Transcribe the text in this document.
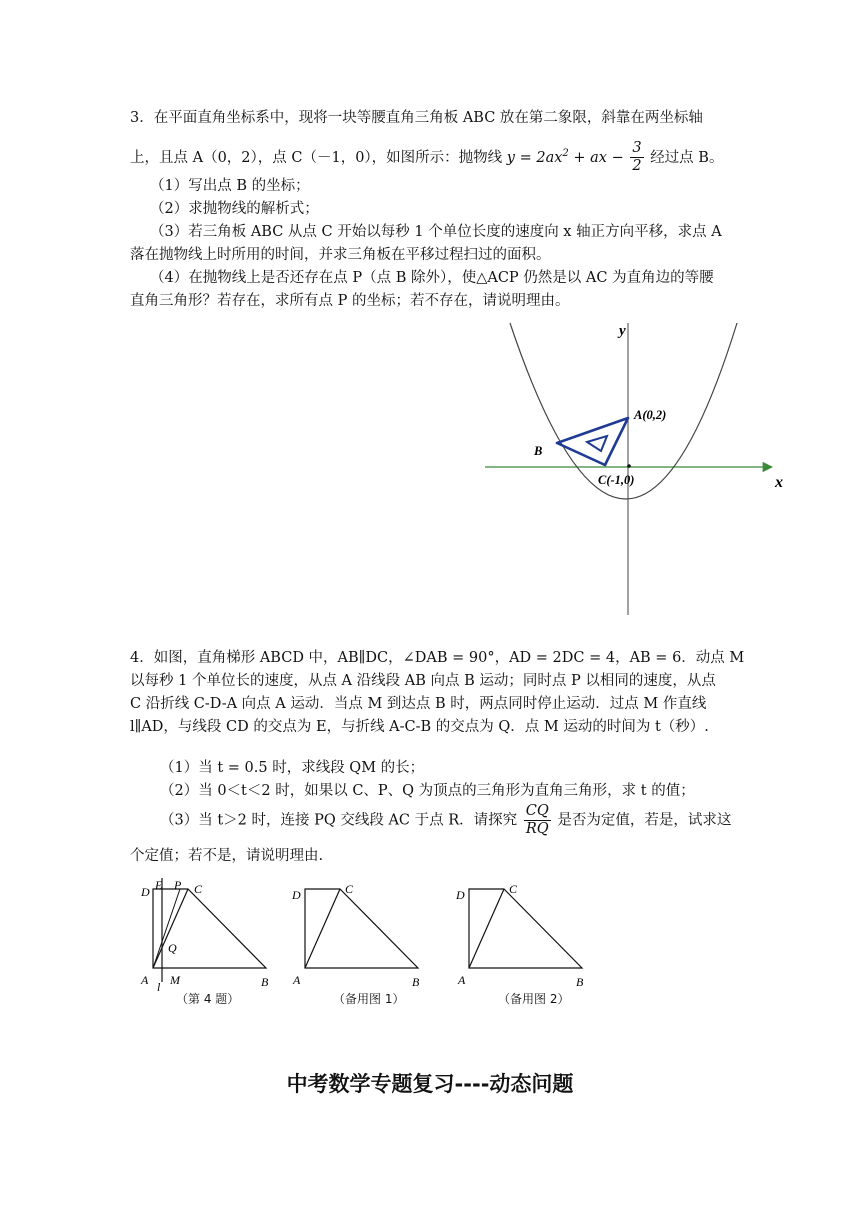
3．在平面直角坐标系中，现将一块等腰直角三角板 ABC 放在第二象限，斜靠在两坐标轴
上，且点 A（0，2），点 C（－1，0），如图所示：抛物线 $y = 2ax^2$ + ax − $\frac{3}{2}$ 经过点 B。
（1）写出点 B 的坐标；
（2）求抛物线的解析式；
（3）若三角板 ABC 从点 C 开始以每秒 1 个单位长度的速度向 x 轴正方向平移，求点 A
落在抛物线上时所用的时间，并求三角板在平移过程扫过的面积。
（4）在抛物线上是否还存在点 P（点 B 除外），使△ACP 仍然是以 AC 为直角边的等腰
直角三角形？若存在，求所有点 P 的坐标；若不存在，请说明理由。
y
x
A(0,2)
B
C(-1,0)
4．如图，直角梯形 ABCD 中，AB∥DC，∠DAB = 90°，AD = 2DC = 4，AB = 6．动点 M
以每秒 1 个单位长的速度，从点 A 沿线段 AB 向点 B 运动；同时点 P 以相同的速度，从点
C 沿折线 C-D-A 向点 A 运动．当点 M 到达点 B 时，两点同时停止运动．过点 M 作直线
l∥AD，与线段 CD 的交点为 E，与折线 A-C-B 的交点为 Q．点 M 运动的时间为 t（秒）.
（1）当 t = 0.5 时，求线段 QM 的长；
（2）当 0＜t＜2 时，如果以 C、P、Q 为顶点的三角形为直角三角形，求 t 的值；
（3）当 t＞2 时，连接 PQ 交线段 AC 于点 R．请探究 $\frac{CQ}{RQ}$ 是否为定值，若是，试求这
个定值；若不是，请说明理由.
D E P C
Q
A l M	B
（第 4 题）
D	C
A	B
（备用图 1）
D	C
A	B
（备用图 2）
中考数学专题复习----动态问题
